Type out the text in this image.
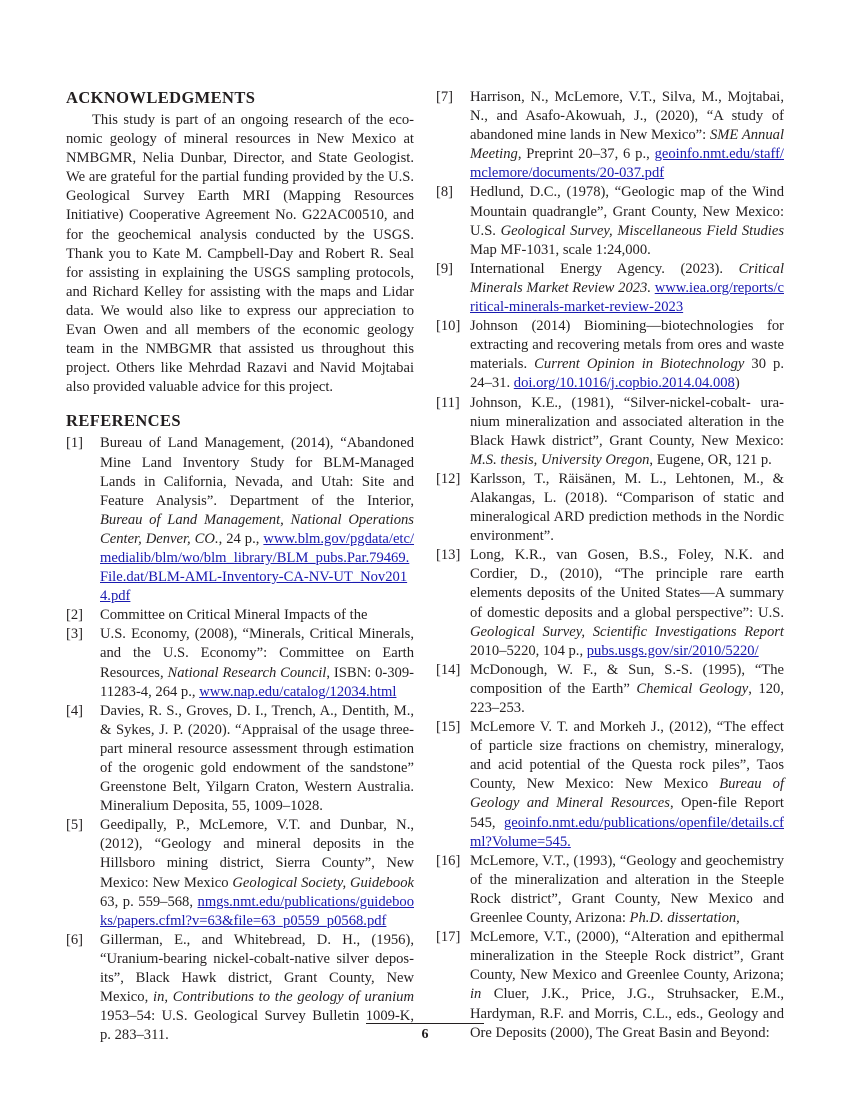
ACKNOWLEDGMENTS

This study is part of an ongoing research of the economic geology of mineral resources in New Mexico at NMBGMR, Nelia Dunbar, Director, and State Geologist. We are grateful for the partial funding provided by the U.S. Geological Survey Earth MRI (Mapping Resources Initiative) Cooperative Agreement No. G22AC00510, and for the geochemical analysis conducted by the USGS. Thank you to Kate M. Campbell-Day and Robert R. Seal for assisting in explaining the USGS sampling protocols, and Richard Kelley for assisting with the maps and Lidar data. We would also like to express our appreciation to Evan Owen and all members of the economic geology team in the NMBGMR that assisted us throughout this project. Others like Mehrdad Razavi and Navid Mojtabai also provided valuable advice for this project.

REFERENCES

[1] Bureau of Land Management, (2014), “Abandoned Mine Land Inventory Study for BLM-Managed Lands in California, Nevada, and Utah: Site and Feature Analysis”. Department of the Interior, Bureau of Land Management, National Operations Center, Denver, CO., 24 p., www.blm.gov/pgdata/etc/medialib/blm/wo/blm_library/BLM_pubs.Par.79469.File.dat/BLM-AML-Inventory-CA-NV-UT_Nov2014.pdf

[2] Committee on Critical Mineral Impacts of the

[3] U.S. Economy, (2008), “Minerals, Critical Minerals, and the U.S. Economy”: Committee on Earth Resources, National Research Council, ISBN: 0-309-11283-4, 264 p., www.nap.edu/catalog/12034.html

[4] Davies, R. S., Groves, D. I., Trench, A., Dentith, M., & Sykes, J. P. (2020). “Appraisal of the usage three-part mineral resource assessment through estimation of the orogenic gold endowment of the sandstone” Greenstone Belt, Yilgarn Craton, Western Australia. Mineralium Deposita, 55, 1009–1028.

[5] Geedipally, P., McLemore, V.T. and Dunbar, N., (2012), “Geology and mineral deposits in the Hillsboro mining district, Sierra County”, New Mexico: New Mexico Geological Society, Guidebook 63, p. 559–568, nmgs.nmt.edu/publications/guidebooks/papers.cfml?v=63&file=63_p0559_p0568.pdf

[6] Gillerman, E., and Whitebread, D. H., (1956), “Uranium-bearing nickel-cobalt-native silver deposits”, Black Hawk district, Grant County, New Mexico, in, Contributions to the geology of uranium 1953–54: U.S. Geological Survey Bulletin 1009-K, p. 283–311.

[7] Harrison, N., McLemore, V.T., Silva, M., Mojtabai, N., and Asafo-Akowuah, J., (2020), “A study of abandoned mine lands in New Mexico”: SME Annual Meeting, Preprint 20–37, 6 p., geoinfo.nmt.edu/staff/mclemore/documents/20-037.pdf

[8] Hedlund, D.C., (1978), “Geologic map of the Wind Mountain quadrangle”, Grant County, New Mexico: U.S. Geological Survey, Miscellaneous Field Studies Map MF-1031, scale 1:24,000.

[9] International Energy Agency. (2023). Critical Minerals Market Review 2023. www.iea.org/reports/critical-minerals-market-review-2023

[10] Johnson (2014) Biomining—biotechnologies for extracting and recovering metals from ores and waste materials. Current Opinion in Biotechnology 30 p. 24–31. doi.org/10.1016/j.copbio.2014.04.008)

[11] Johnson, K.E., (1981), “Silver-nickel-cobalt- uranium mineralization and associated alteration in the Black Hawk district”, Grant County, New Mexico: M.S. thesis, University Oregon, Eugene, OR, 121 p.

[12] Karlsson, T., Räisänen, M. L., Lehtonen, M., & Alakangas, L. (2018). “Comparison of static and mineralogical ARD prediction methods in the Nordic environment”.

[13] Long, K.R., van Gosen, B.S., Foley, N.K. and Cordier, D., (2010), “The principle rare earth elements deposits of the United States—A summary of domestic deposits and a global perspective”: U.S. Geological Survey, Scientific Investigations Report 2010–5220, 104 p., pubs.usgs.gov/sir/2010/5220/

[14] McDonough, W. F., & Sun, S.-S. (1995), “The composition of the Earth” Chemical Geology, 120, 223–253.

[15] McLemore V. T. and Morkeh J., (2012), “The effect of particle size fractions on chemistry, mineralogy, and acid potential of the Questa rock piles”, Taos County, New Mexico: New Mexico Bureau of Geology and Mineral Resources, Open-file Report 545, geoinfo.nmt.edu/publications/openfile/details.cfml?Volume=545.

[16] McLemore, V.T., (1993), “Geology and geochemistry of the mineralization and alteration in the Steeple Rock district”, Grant County, New Mexico and Greenlee County, Arizona: Ph.D. dissertation,

[17] McLemore, V.T., (2000), “Alteration and epithermal mineralization in the Steeple Rock district”, Grant County, New Mexico and Greenlee County, Arizona; in Cluer, J.K., Price, J.G., Struhsacker, E.M., Hardyman, R.F. and Morris, C.L., eds., Geology and Ore Deposits (2000), The Great Basin and Beyond:

6
